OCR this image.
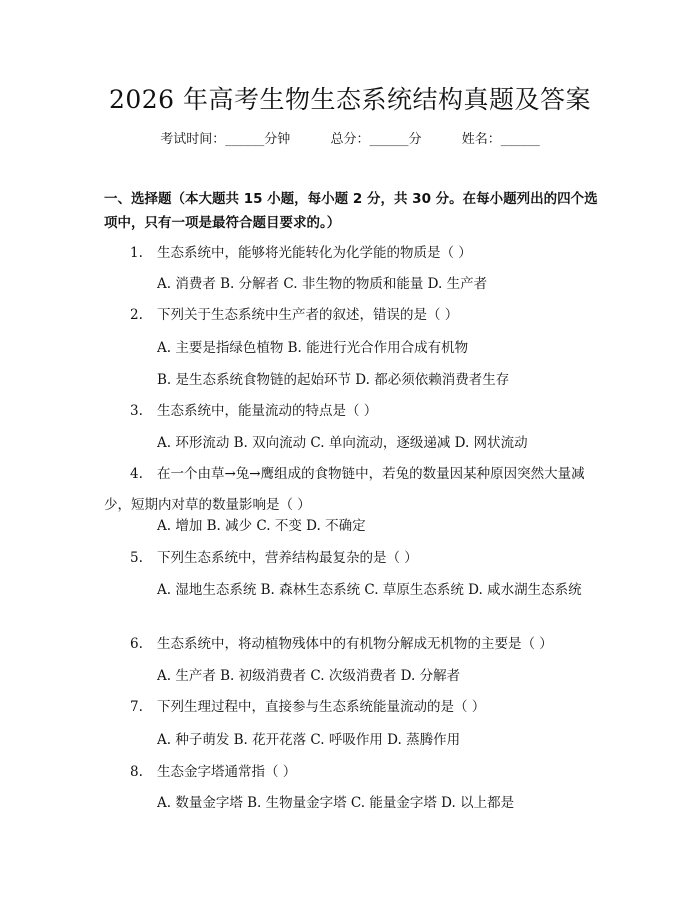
2026 年高考生物生态系统结构真题及答案
考试时间：______分钟	总分：______分	姓名：______
一、选择题（本大题共 15 小题，每小题 2 分，共 30 分。在每小题列出的四个选项中，只有一项是最符合题目要求的。）
1. 生态系统中，能够将光能转化为化学能的物质是（ ）
A. 消费者 B. 分解者 C. 非生物的物质和能量 D. 生产者
2. 下列关于生态系统中生产者的叙述，错误的是（ ）
A. 主要是指绿色植物 B. 能进行光合作用合成有机物
B. 是生态系统食物链的起始环节 D. 都必须依赖消费者生存
3. 生态系统中，能量流动的特点是（ ）
A. 环形流动 B. 双向流动 C. 单向流动，逐级递减 D. 网状流动
4. 在一个由草→兔→鹰组成的食物链中，若兔的数量因某种原因突然大量减少，短期内对草的数量影响是（ ）
A. 增加 B. 减少 C. 不变 D. 不确定
5. 下列生态系统中，营养结构最复杂的是（ ）
A. 湿地生态系统 B. 森林生态系统 C. 草原生态系统 D. 咸水湖生态系统
6. 生态系统中，将动植物残体中的有机物分解成无机物的主要是（ ）
A. 生产者 B. 初级消费者 C. 次级消费者 D. 分解者
7. 下列生理过程中，直接参与生态系统能量流动的是（ ）
A. 种子萌发 B. 花开花落 C. 呼吸作用 D. 蒸腾作用
8. 生态金字塔通常指（ ）
A. 数量金字塔 B. 生物量金字塔 C. 能量金字塔 D. 以上都是
